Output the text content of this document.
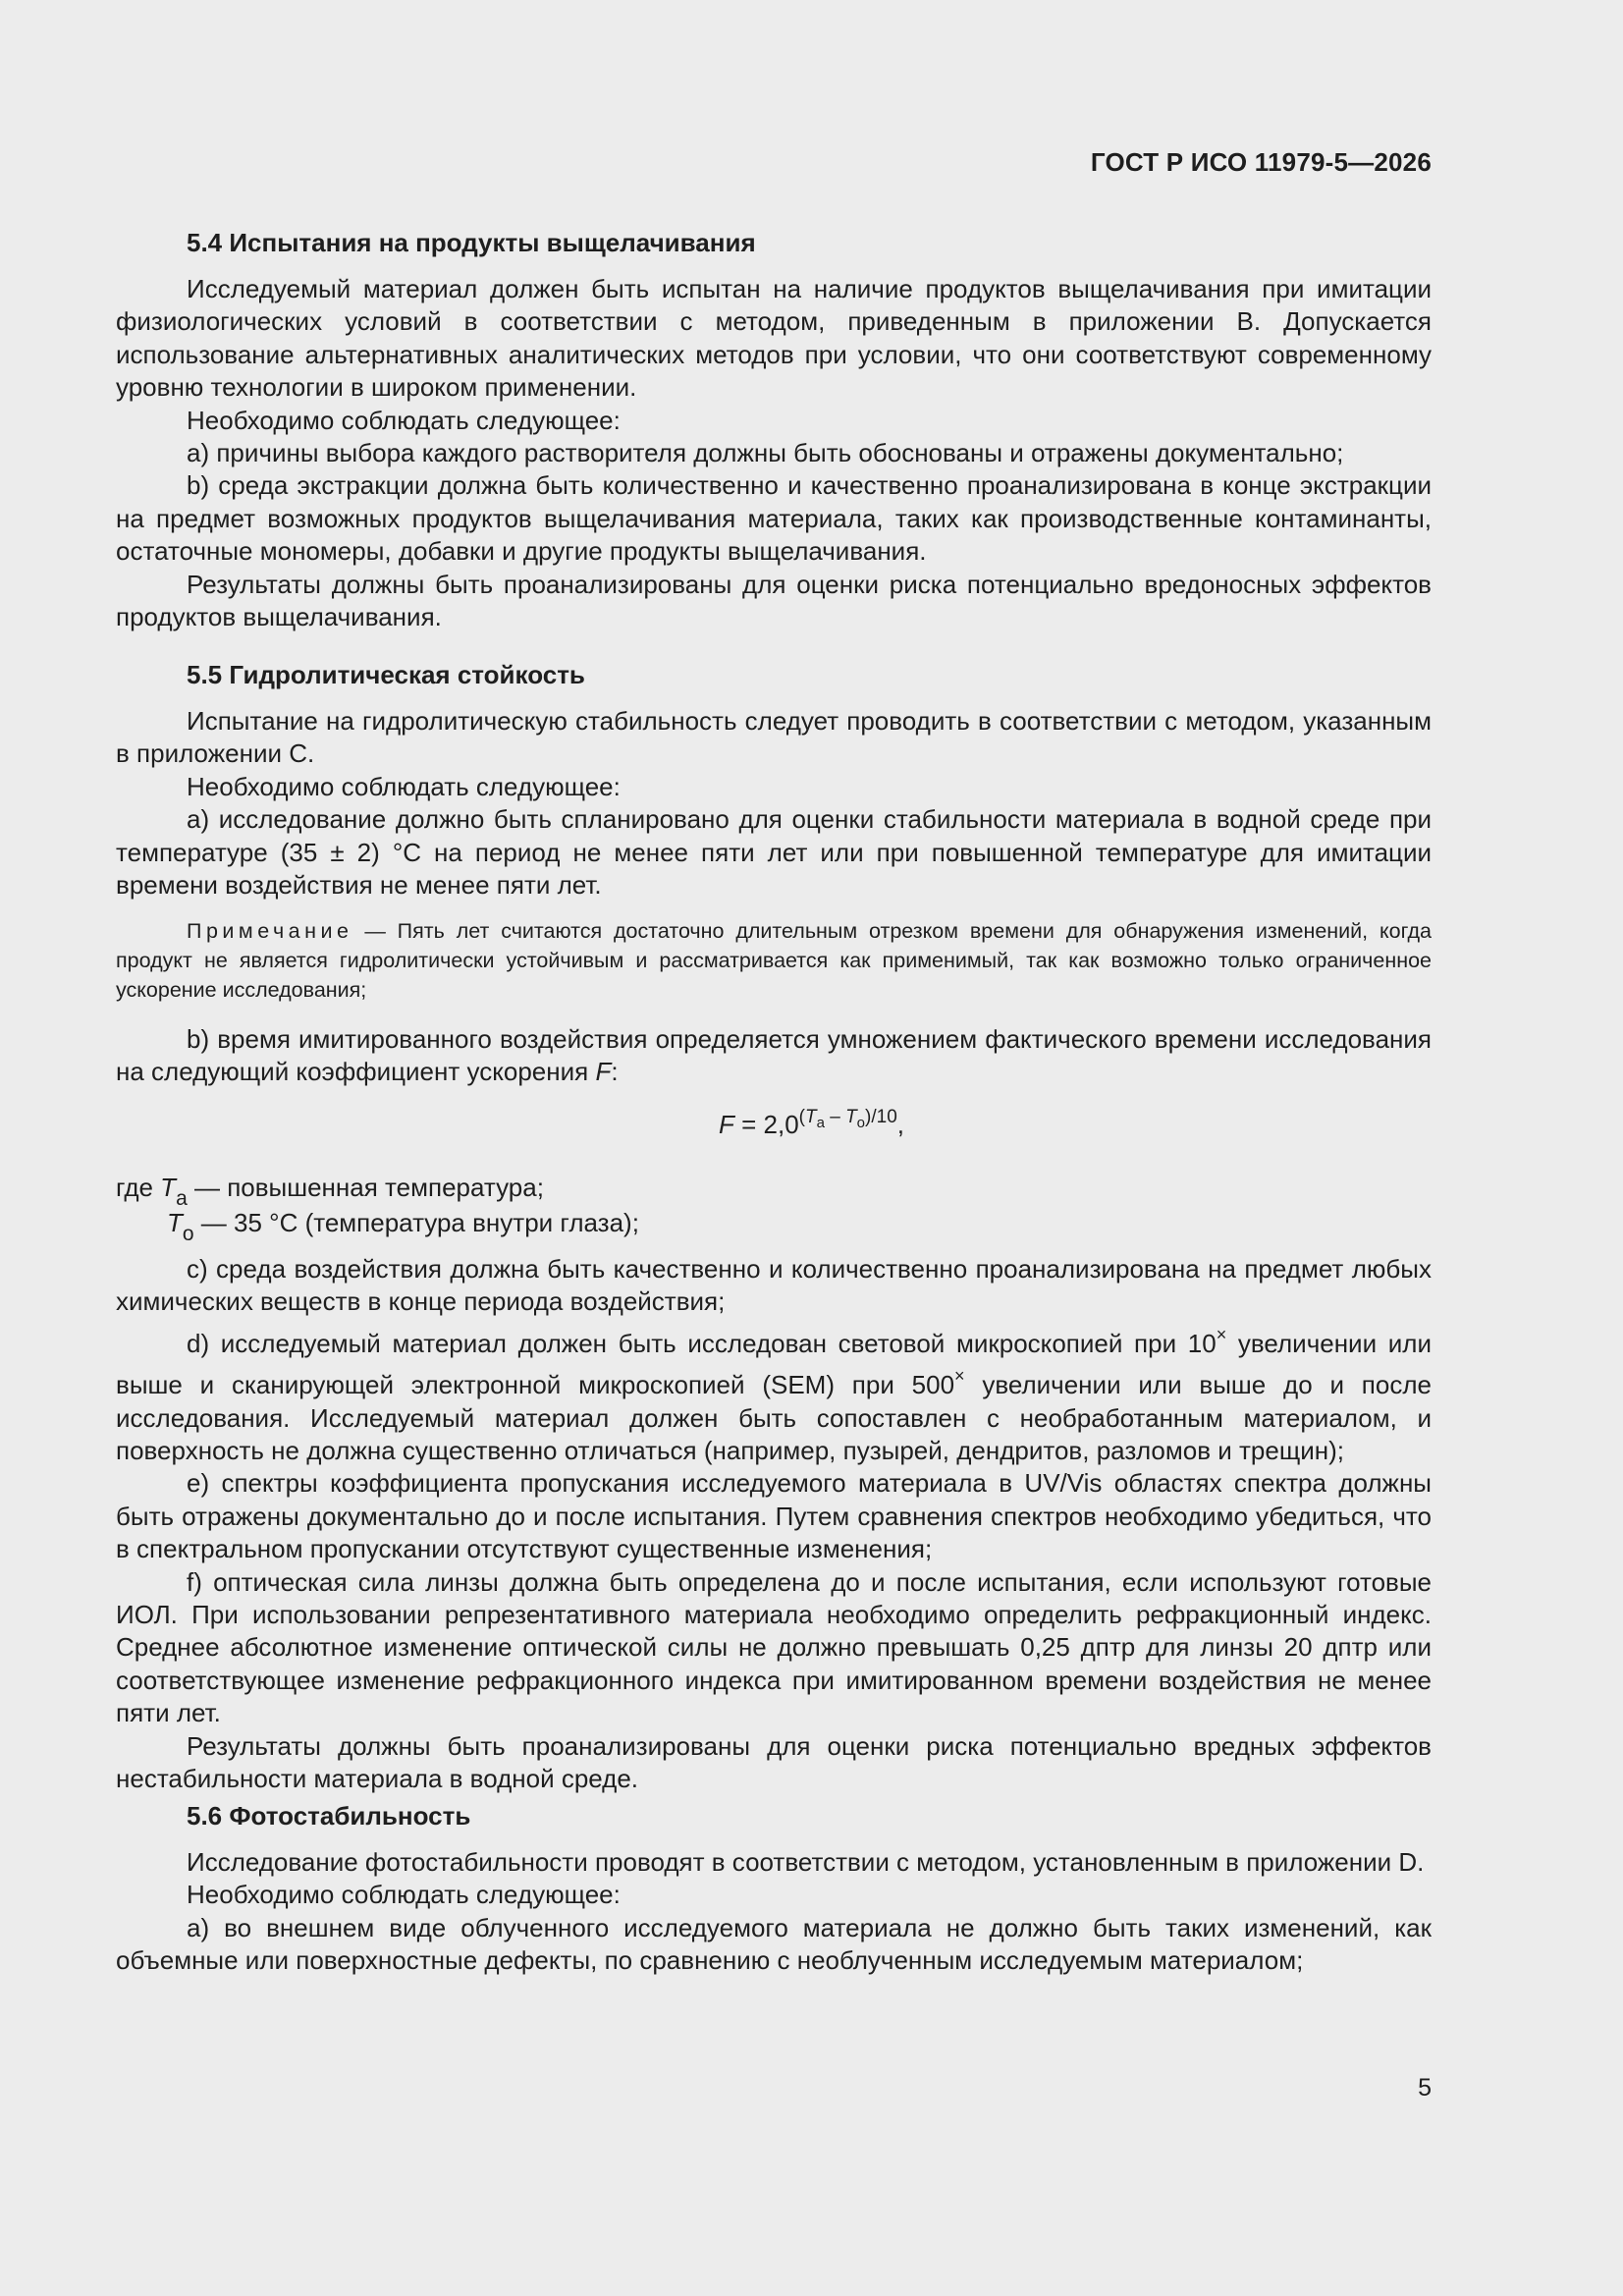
ГОСТ Р ИСО 11979-5—2026
5.4 Испытания на продукты выщелачивания

Исследуемый материал должен быть испытан на наличие продуктов выщелачивания при имитации физиологических условий в соответствии с методом, приведенным в приложении В. Допускается использование альтернативных аналитических методов при условии, что они соответствуют современному уровню технологии в широком применении.

Необходимо соблюдать следующее:

а) причины выбора каждого растворителя должны быть обоснованы и отражены документально;

b) среда экстракции должна быть количественно и качественно проанализирована в конце экстракции на предмет возможных продуктов выщелачивания материала, таких как производственные контаминанты, остаточные мономеры, добавки и другие продукты выщелачивания.

Результаты должны быть проанализированы для оценки риска потенциально вредоносных эффектов продуктов выщелачивания.

5.5 Гидролитическая стойкость

Испытание на гидролитическую стабильность следует проводить в соответствии с методом, указанным в приложении С.

Необходимо соблюдать следующее:

а) исследование должно быть спланировано для оценки стабильности материала в водной среде при температуре (35 ± 2) °С на период не менее пяти лет или при повышенной температуре для имитации времени воздействия не менее пяти лет.

Примечание — Пять лет считаются достаточно длительным отрезком времени для обнаружения изменений, когда продукт не является гидролитически устойчивым и рассматривается как применимый, так как возможно только ограниченное ускорение исследования;

b) время имитированного воздействия определяется умножением фактического времени исследования на следующий коэффициент ускорения F:

$F = 2,0^{(T_a - T_o)/10}$,
где $T_a$ — повышенная температура;
$T_o$ — 35 °С (температура внутри глаза);

с) среда воздействия должна быть качественно и количественно проанализирована на предмет любых химических веществ в конце периода воздействия;

d) исследуемый материал должен быть исследован световой микроскопией при 10× увеличении или выше и сканирующей электронной микроскопией (SEM) при 500× увеличении или выше до и после исследования. Исследуемый материал должен быть сопоставлен с необработанным материалом, и поверхность не должна существенно отличаться (например, пузырей, дендритов, разломов и трещин);

е) спектры коэффициента пропускания исследуемого материала в UV/Vis областях спектра должны быть отражены документально до и после испытания. Путем сравнения спектров необходимо убедиться, что в спектральном пропускании отсутствуют существенные изменения;

f) оптическая сила линзы должна быть определена до и после испытания, если используют готовые ИОЛ. При использовании репрезентативного материала необходимо определить рефракционный индекс. Среднее абсолютное изменение оптической силы не должно превышать 0,25 дптр для линзы 20 дптр или соответствующее изменение рефракционного индекса при имитированном времени воздействия не менее пяти лет.

Результаты должны быть проанализированы для оценки риска потенциально вредных эффектов нестабильности материала в водной среде.

5.6 Фотостабильность

Исследование фотостабильности проводят в соответствии с методом, установленным в приложении D.

Необходимо соблюдать следующее:

а) во внешнем виде облученного исследуемого материала не должно быть таких изменений, как объемные или поверхностные дефекты, по сравнению с необлученным исследуемым материалом;

5
